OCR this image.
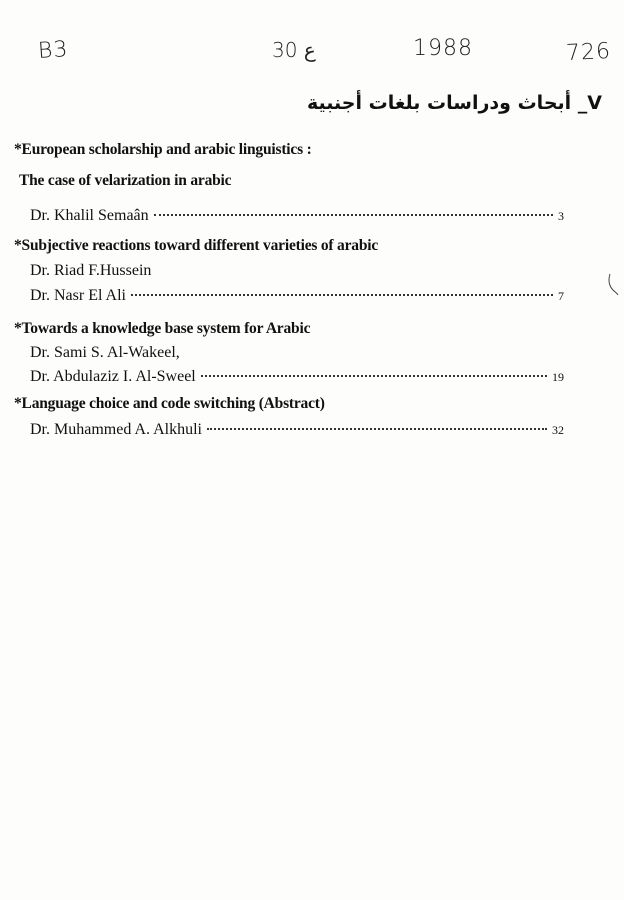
B3	30 ع	1988	726
V_ أبحاث ودراسات بلغات أجنبية
*European scholarship and arabic linguistics :
The case of velarization in arabic
Dr. Khalil Semaân	3
*Subjective reactions toward different varieties of arabic
Dr. Riad F.Hussein
Dr. Nasr El Ali	7
*Towards a knowledge base system for Arabic
Dr. Sami S. Al-Wakeel,
Dr. Abdulaziz I. Al-Sweel	19
*Language choice and code switching (Abstract)
Dr. Muhammed A. Alkhuli	32
